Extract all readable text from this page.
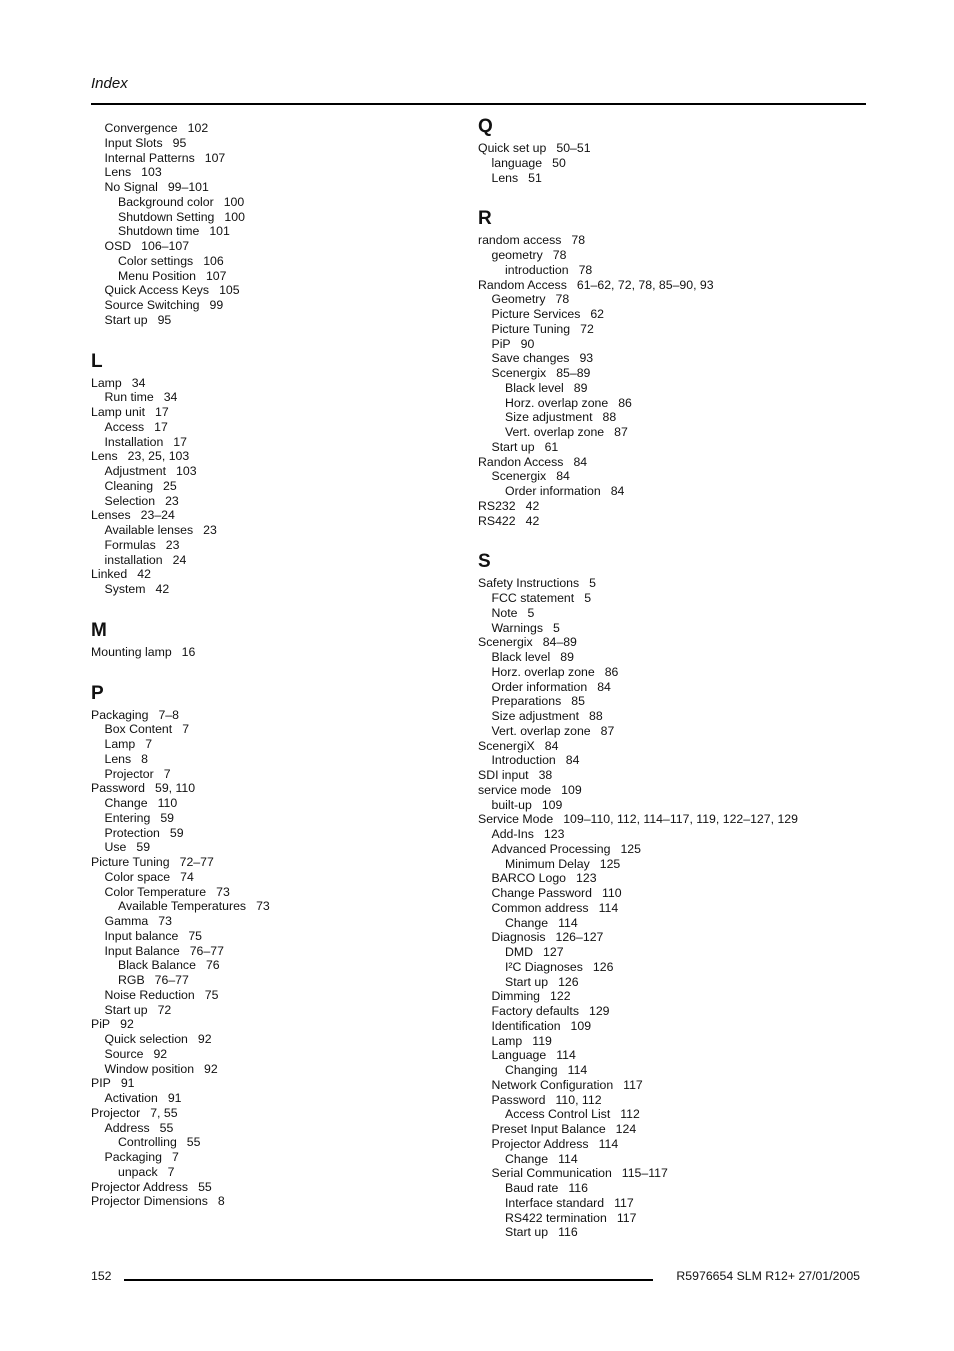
Index
Convergence 102
Input Slots 95
Internal Patterns 107
Lens 103
No Signal 99–101
Background color 100
Shutdown Setting 100
Shutdown time 101
OSD 106–107
Color settings 106
Menu Position 107
Quick Access Keys 105
Source Switching 99
Start up 95
L
Lamp 34
Run time 34
Lamp unit 17
Access 17
Installation 17
Lens 23, 25, 103
Adjustment 103
Cleaning 25
Selection 23
Lenses 23–24
Available lenses 23
Formulas 23
installation 24
Linked 42
System 42
M
Mounting lamp 16
P
Packaging 7–8
Box Content 7
Lamp 7
Lens 8
Projector 7
Password 59, 110
Change 110
Entering 59
Protection 59
Use 59
Picture Tuning 72–77
Color space 74
Color Temperature 73
Available Temperatures 73
Gamma 73
Input balance 75
Input Balance 76–77
Black Balance 76
RGB 76–77
Noise Reduction 75
Start up 72
PiP 92
Quick selection 92
Source 92
Window position 92
PIP 91
Activation 91
Projector 7, 55
Address 55
Controlling 55
Packaging 7
unpack 7
Projector Address 55
Projector Dimensions 8
Q
Quick set up 50–51
language 50
Lens 51
R
random access 78
geometry 78
introduction 78
Random Access 61–62, 72, 78, 85–90, 93
Geometry 78
Picture Services 62
Picture Tuning 72
PiP 90
Save changes 93
Scenergix 85–89
Black level 89
Horz. overlap zone 86
Size adjustment 88
Vert. overlap zone 87
Start up 61
Randon Access 84
Scenergix 84
Order information 84
RS232 42
RS422 42
S
Safety Instructions 5
FCC statement 5
Note 5
Warnings 5
Scenergix 84–89
Black level 89
Horz. overlap zone 86
Order information 84
Preparations 85
Size adjustment 88
Vert. overlap zone 87
ScenergiX 84
Introduction 84
SDI input 38
service mode 109
built-up 109
Service Mode 109–110, 112, 114–117, 119, 122–127, 129
Add-Ins 123
Advanced Processing 125
Minimum Delay 125
BARCO Logo 123
Change Password 110
Common address 114
Change 114
Diagnosis 126–127
DMD 127
I²C Diagnoses 126
Start up 126
Dimming 122
Factory defaults 129
Identification 109
Lamp 119
Language 114
Changing 114
Network Configuration 117
Password 110, 112
Access Control List 112
Preset Input Balance 124
Projector Address 114
Change 114
Serial Communication 115–117
Baud rate 116
Interface standard 117
RS422 termination 117
Start up 116
152	R5976654 SLM R12+ 27/01/2005
